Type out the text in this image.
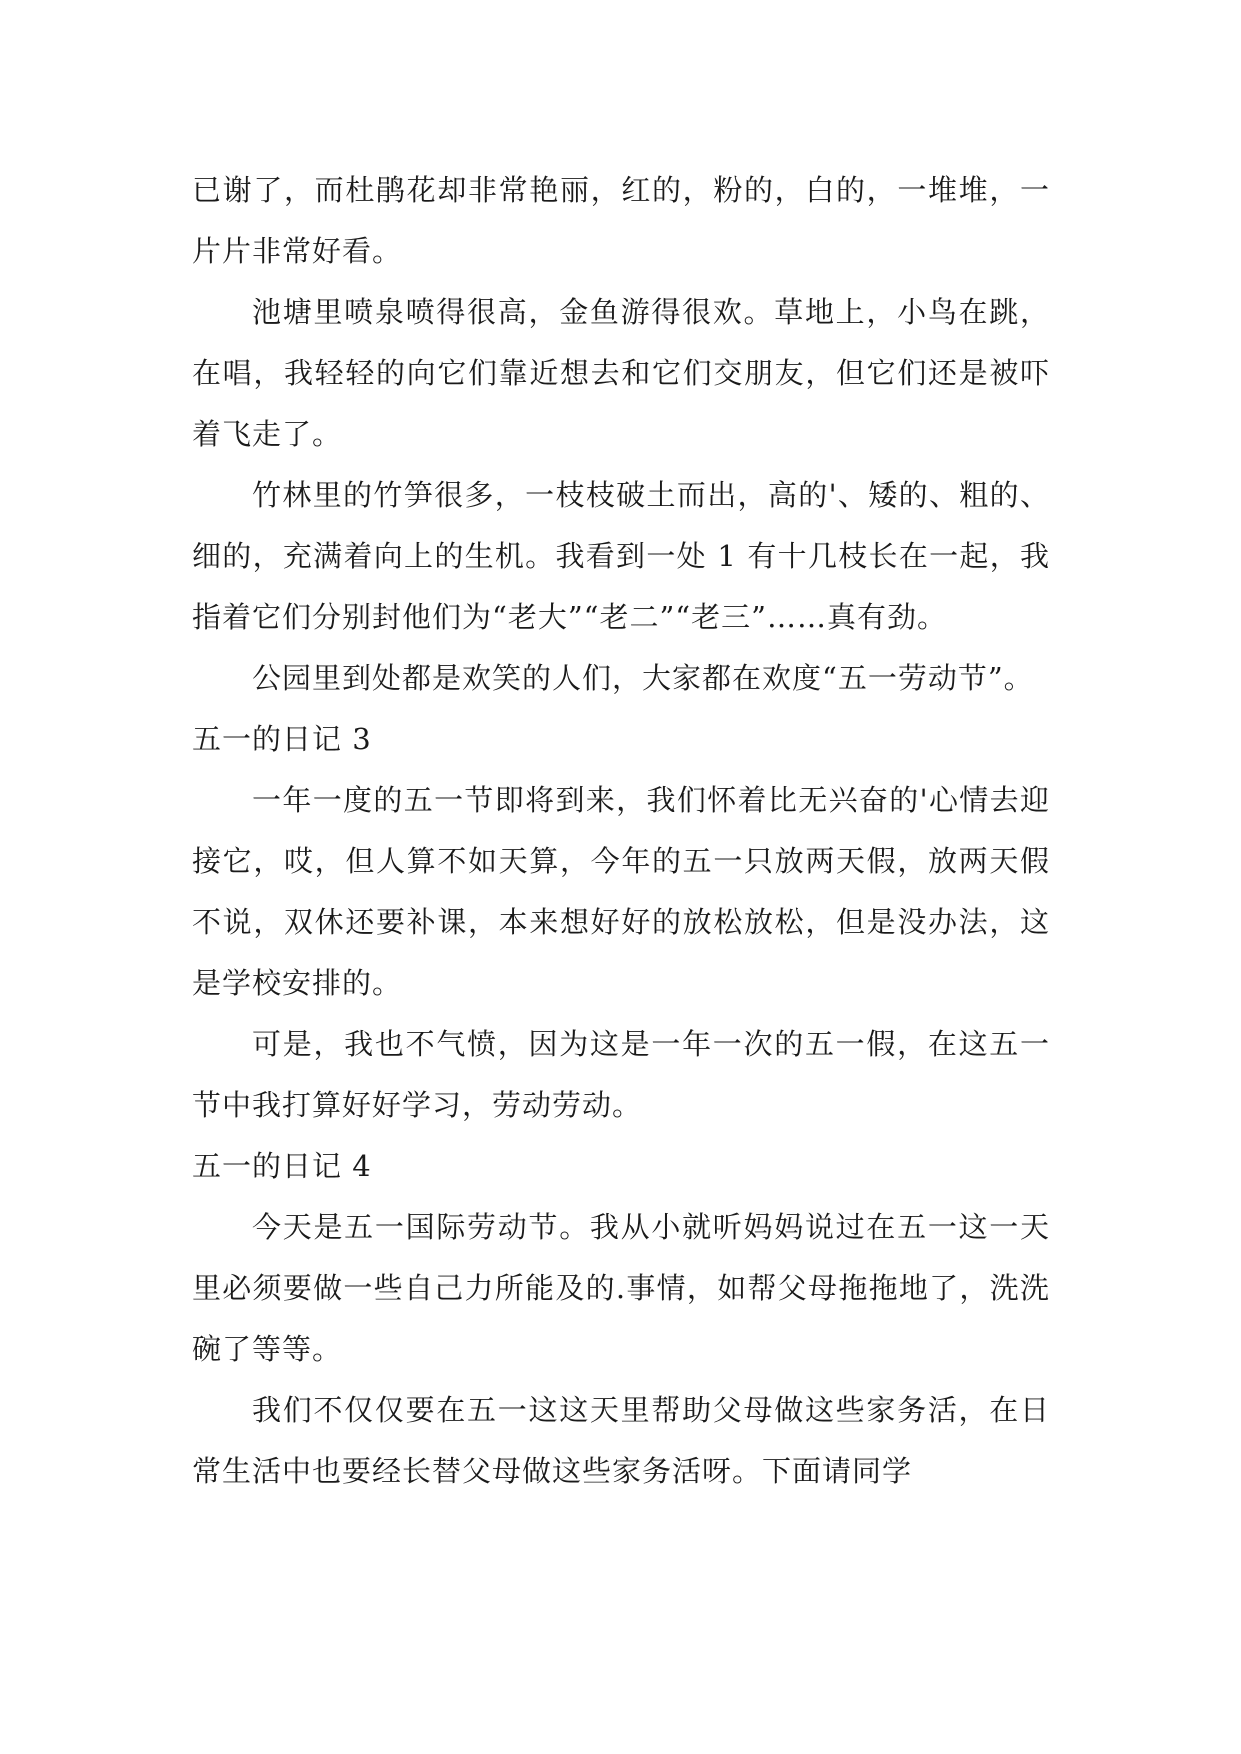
已谢了，而杜鹃花却非常艳丽，红的，粉的，白的，一堆堆，一片片非常好看。

池塘里喷泉喷得很高，金鱼游得很欢。草地上，小鸟在跳，在唱，我轻轻的向它们靠近想去和它们交朋友，但它们还是被吓着飞走了。

竹林里的竹笋很多，一枝枝破土而出，高的'、矮的、粗的、细的，充满着向上的生机。我看到一处 1 有十几枝长在一起，我指着它们分别封他们为“老大”“老二”“老三”……真有劲。

公园里到处都是欢笑的人们，大家都在欢度“五一劳动节”。

五一的日记 3

一年一度的五一节即将到来，我们怀着比无兴奋的'心情去迎接它，哎，但人算不如天算，今年的五一只放两天假，放两天假不说，双休还要补课，本来想好好的放松放松，但是没办法，这是学校安排的。

可是，我也不气愤，因为这是一年一次的五一假，在这五一节中我打算好好学习，劳动劳动。

五一的日记 4

今天是五一国际劳动节。我从小就听妈妈说过在五一这一天里必须要做一些自己力所能及的.事情，如帮父母拖拖地了，洗洗碗了等等。

我们不仅仅要在五一这这天里帮助父母做这些家务活，在日常生活中也要经长替父母做这些家务活呀。下面请同学
